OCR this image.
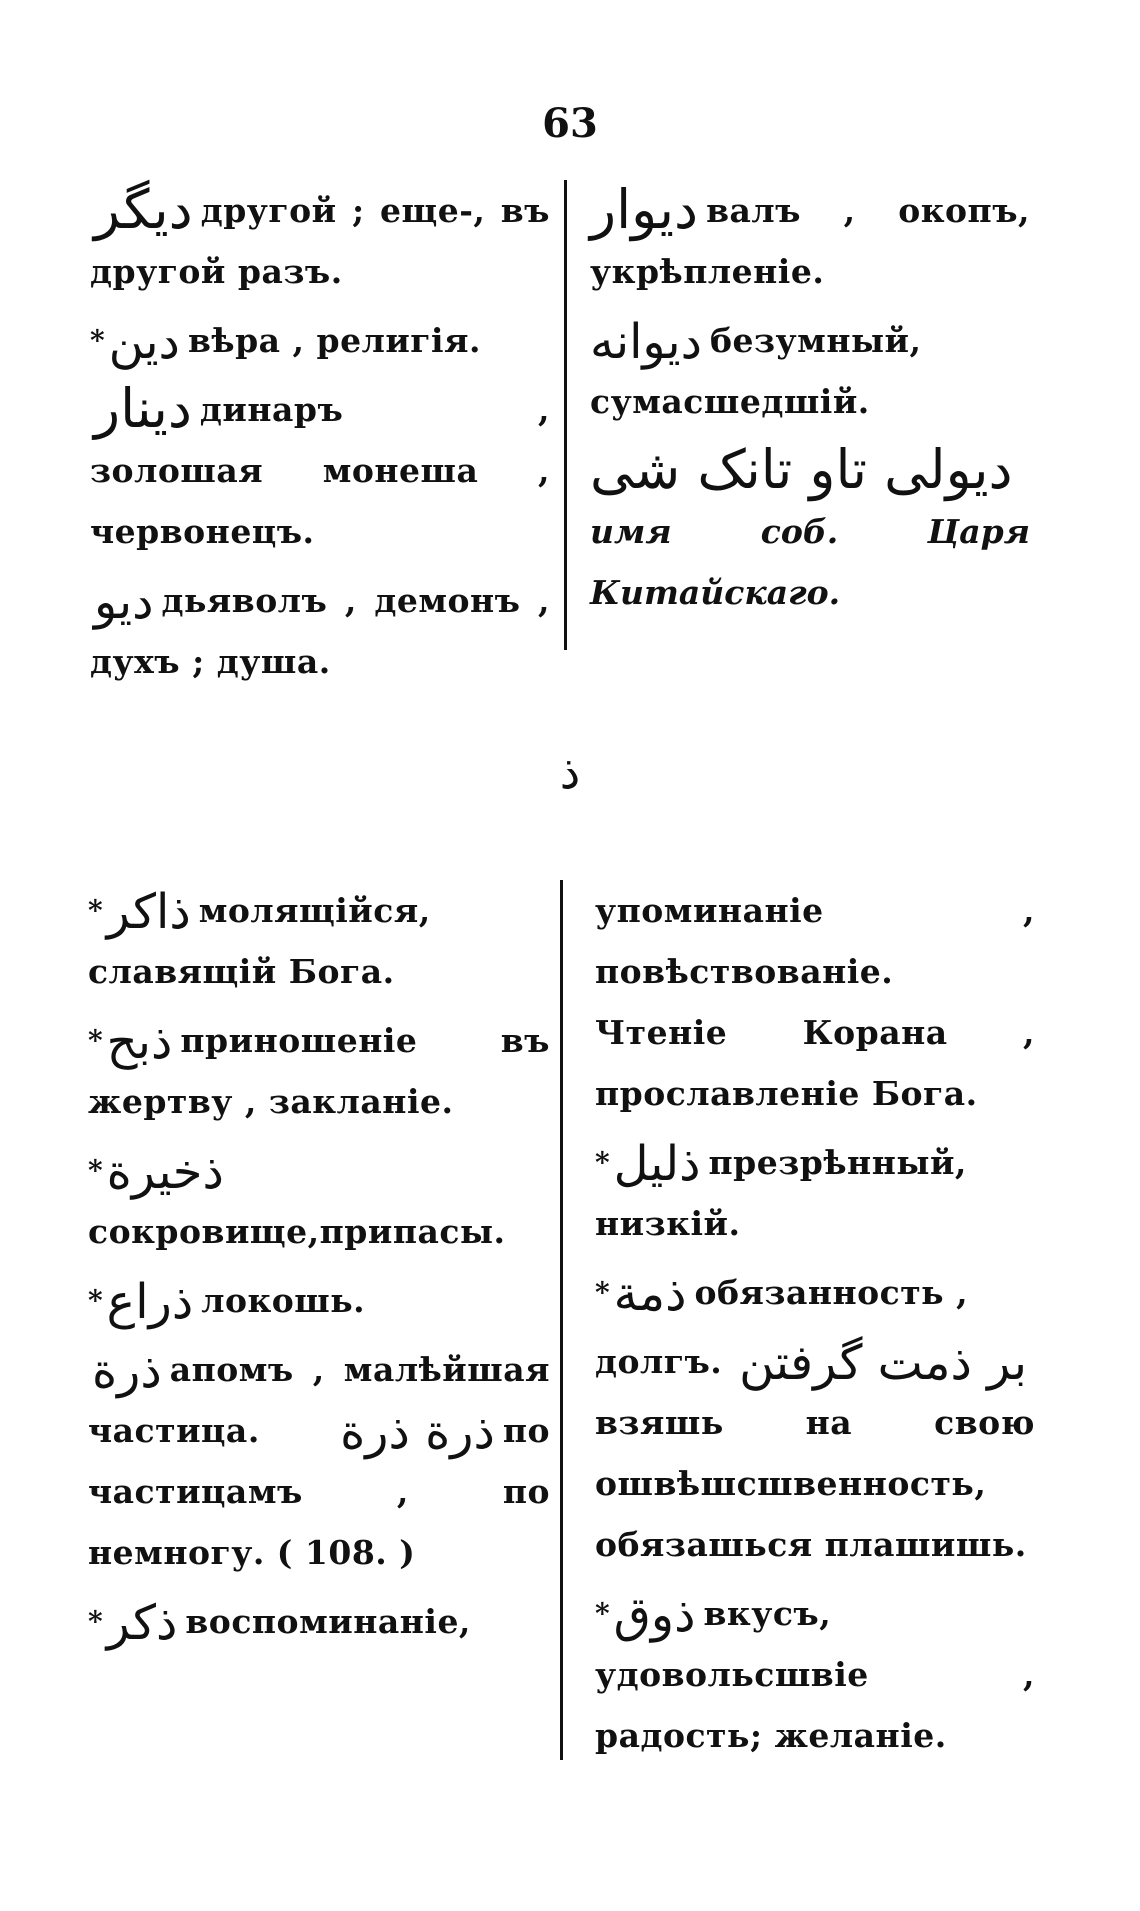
63
دیگر другой ; еще-, въ другой разъ.
*دین вѣра , религія.
دینار динаръ , золошая монеша , червонецъ.
دیو дьяволъ , демонъ , духъ ; душа.
دیوار валъ , окопъ, укрѣпленіе.
دیوانه безумный, сумасшедшій.
دیولی تاو تانک شی
имя соб. Царя Китайскаго.
ذ
*ذاکر молящійся, славящій Бога.
*ذبح приношеніе въ жертву , закланіе.
*ذخیرةсокровище,припасы.
*ذراع локошь.
ذرة апомъ , малѣйшая частица. ذرة ذرة по частицамъ , по немногу. ( 108. )
*ذکر воспоминаніе,
упоминаніе , повѣствованіе. Чтеніе Корана , прославленіе Бога.
*ذلیل презрѣнный, низкій.
*ذمة обязанность ,
долгъ. بر ذمت گرفتنвзяшь на свою ошвѣшсшвенность, обязашься плашишь.
*ذوق вкусъ, удовольсшвіе , радость; желаніе.
